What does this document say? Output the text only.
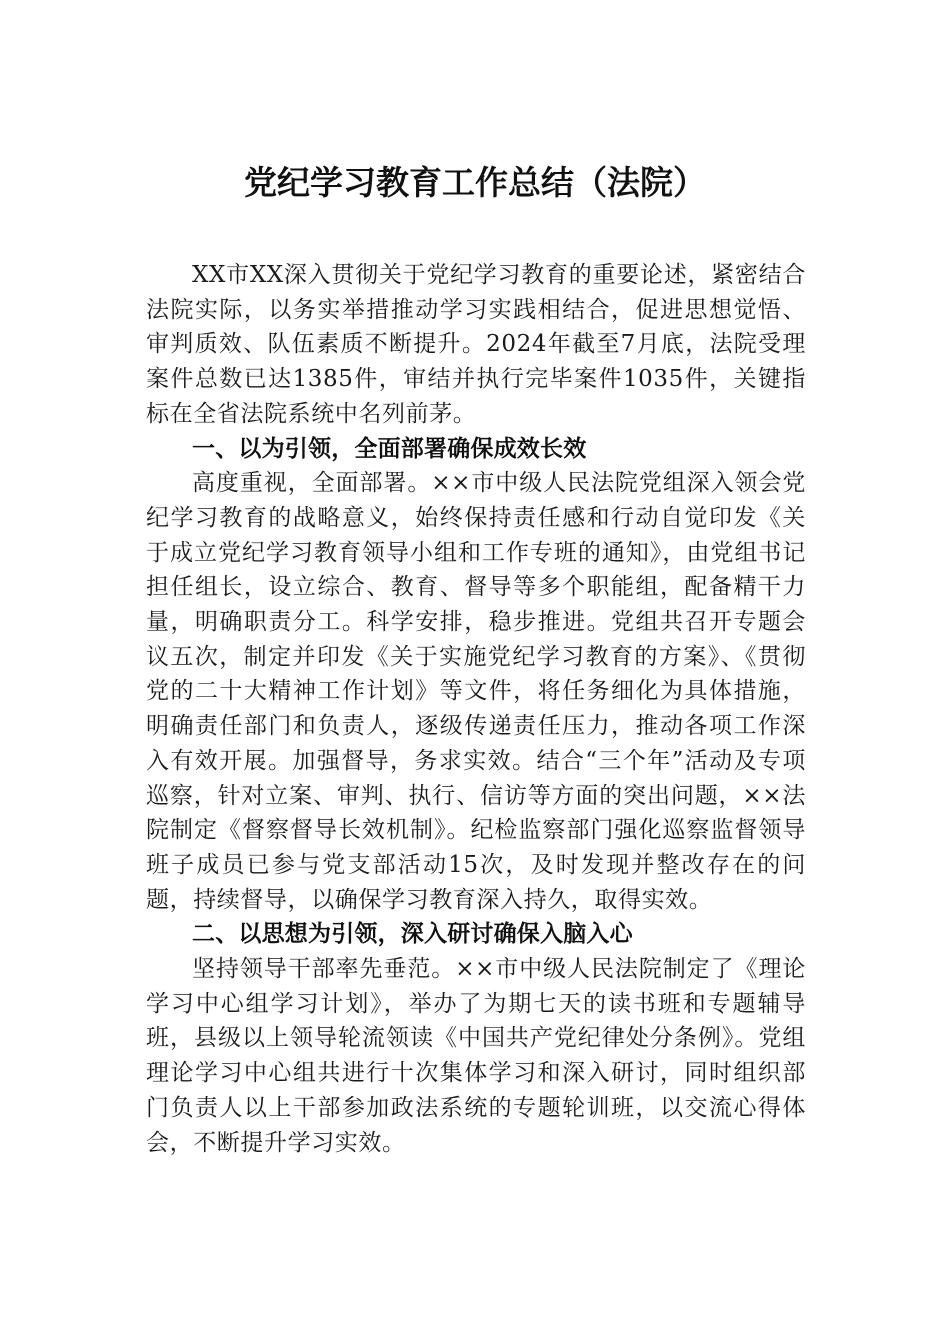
党纪学习教育工作总结（法院）

XX市XX深入贯彻关于党纪学习教育的重要论述，紧密结合法院实际，以务实举措推动学习实践相结合，促进思想觉悟、审判质效、队伍素质不断提升。2024年截至7月底，法院受理案件总数已达1385件，审结并执行完毕案件1035件，关键指标在全省法院系统中名列前茅。

一、以为引领，全面部署确保成效长效

高度重视，全面部署。××市中级人民法院党组深入领会党纪学习教育的战略意义，始终保持责任感和行动自觉印发《关于成立党纪学习教育领导小组和工作专班的通知》，由党组书记担任组长，设立综合、教育、督导等多个职能组，配备精干力量，明确职责分工。科学安排，稳步推进。党组共召开专题会议五次，制定并印发《关于实施党纪学习教育的方案》、《贯彻党的二十大精神工作计划》等文件，将任务细化为具体措施，明确责任部门和负责人，逐级传递责任压力，推动各项工作深入有效开展。加强督导，务求实效。结合“三个年”活动及专项巡察，针对立案、审判、执行、信访等方面的突出问题，××法院制定《督察督导长效机制》。纪检监察部门强化巡察监督领导班子成员已参与党支部活动15次，及时发现并整改存在的问题，持续督导，以确保学习教育深入持久，取得实效。

二、以思想为引领，深入研讨确保入脑入心

坚持领导干部率先垂范。××市中级人民法院制定了《理论学习中心组学习计划》，举办了为期七天的读书班和专题辅导班，县级以上领导轮流领读《中国共产党纪律处分条例》。党组理论学习中心组共进行十次集体学习和深入研讨，同时组织部门负责人以上干部参加政法系统的专题轮训班，以交流心得体会，不断提升学习实效。
